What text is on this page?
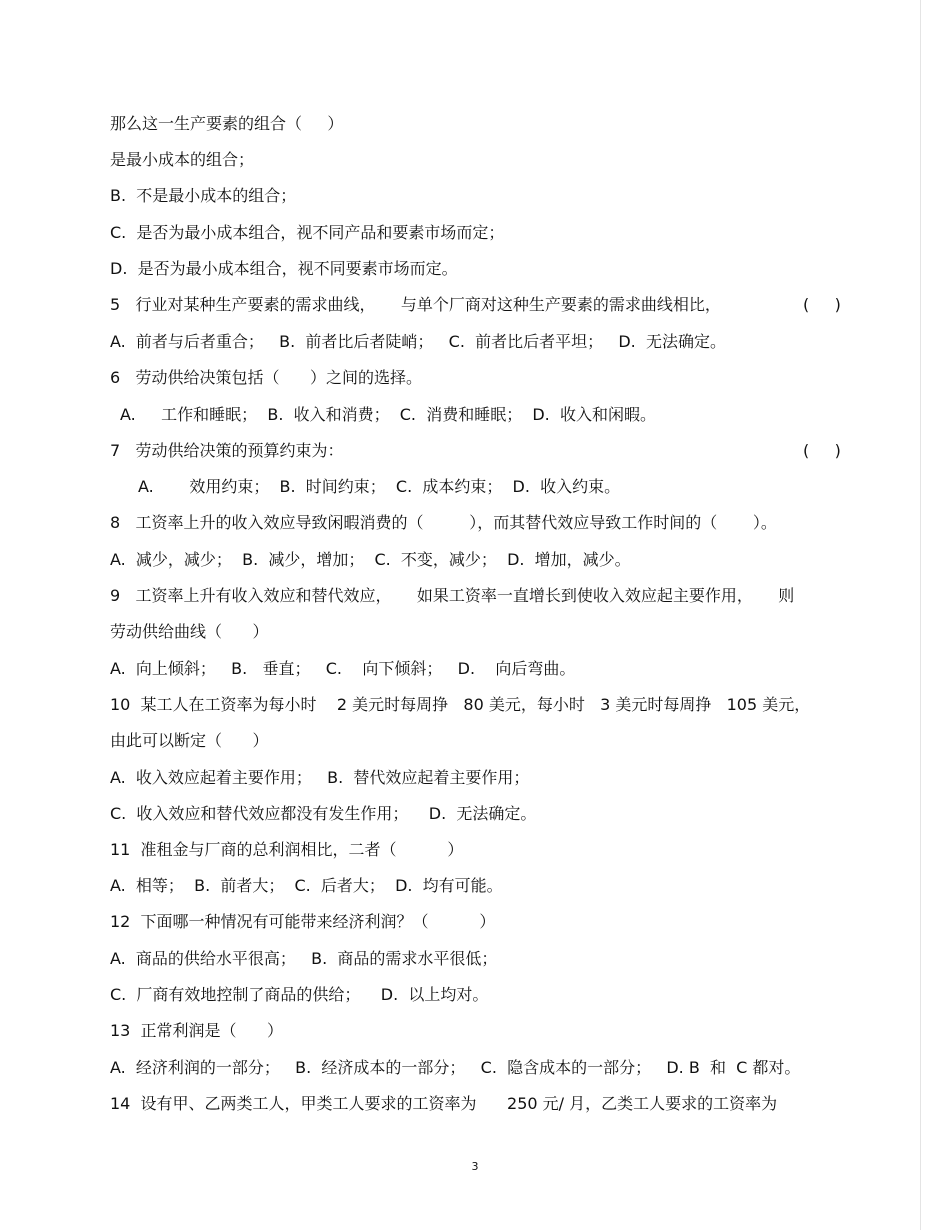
那么这一生产要素的组合（     ）
是最小成本的组合；
B.  不是最小成本的组合；
C.  是否为最小成本组合，视不同产品和要素市场而定；
D.  是否为最小成本组合，视不同要素市场而定。
5   行业对某种生产要素的需求曲线，     与单个厂商对这种生产要素的需求曲线相比，	(     )
A.  前者与后者重合；   B.  前者比后者陡峭；   C.  前者比后者平坦；   D.  无法确定。
6   劳动供给决策包括（      ）之间的选择。
A.     工作和睡眠；  B.  收入和消费；  C.  消费和睡眠；  D.  收入和闲暇。
7   劳动供给决策的预算约束为：	(     )
A.       效用约束；  B.  时间约束；  C.  成本约束；  D.  收入约束。
8   工资率上升的收入效应导致闲暇消费的（         ），而其替代效应导致工作时间的（       ）。
A.  减少，减少；  B.  减少，增加；  C.  不变，减少；  D.  增加，减少。
9   工资率上升有收入效应和替代效应，     如果工资率一直增长到使收入效应起主要作用，     则
劳动供给曲线（      ）
A.  向上倾斜；   B.   垂直；   C.    向下倾斜；   D.    向后弯曲。
10  某工人在工资率为每小时    2 美元时每周挣   80 美元，每小时   3 美元时每周挣   105 美元，
由此可以断定（      ）
A.  收入效应起着主要作用；   B.  替代效应起着主要作用；
C.  收入效应和替代效应都没有发生作用；    D.  无法确定。
11  准租金与厂商的总利润相比，二者（          ）
A.  相等；  B.  前者大；  C.  后者大；  D.  均有可能。
12  下面哪一种情况有可能带来经济利润？（          ）
A.  商品的供给水平很高；   B.  商品的需求水平很低；
C.  厂商有效地控制了商品的供给；    D.  以上均对。
13  正常利润是（      ）
A.  经济利润的一部分；   B.  经济成本的一部分；   C.  隐含成本的一部分；   D. B  和  C 都对。
14  设有甲、乙两类工人，甲类工人要求的工资率为      250 元/ 月，乙类工人要求的工资率为
3
